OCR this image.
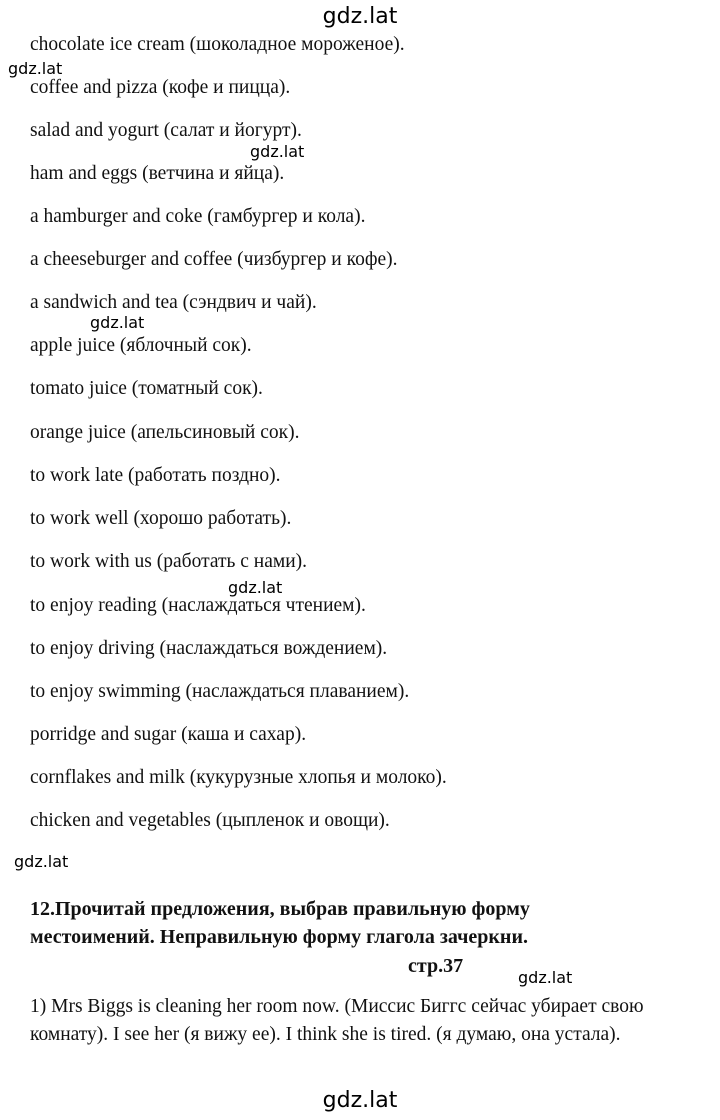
gdz.lat
gdz.lat
gdz.lat
gdz.lat
gdz.lat
gdz.lat
gdz.lat
chocolate ice cream (шоколадное мороженое).
coffee and pizza (кофе и пицца).
salad and yogurt (салат и йогурт).
ham and eggs (ветчина и яйца).
a hamburger and coke (гамбургер и кола).
a cheeseburger and coffee (чизбургер и кофе).
a sandwich and tea (сэндвич и чай).
apple juice (яблочный сок).
tomato juice (томатный сок).
orange juice (апельсиновый сок).
to work late (работать поздно).
to work well (хорошо работать).
to work with us (работать с нами).
to enjoy reading (наслаждаться чтением).
to enjoy driving (наслаждаться вождением).
to enjoy swimming (наслаждаться плаванием).
porridge and sugar (каша и сахар).
cornflakes and milk (кукурузные хлопья и молоко).
chicken and vegetables (цыпленок и овощи).
12.Прочитай предложения, выбрав правильную форму
местоимений. Неправильную форму глагола зачеркни.
стр.37
1) Mrs Biggs is cleaning her room now. (Миссис Биггс сейчас убирает свою комнату). I see her (я вижу ее). I think she is tired. (я думаю, она устала).
gdz.lat
